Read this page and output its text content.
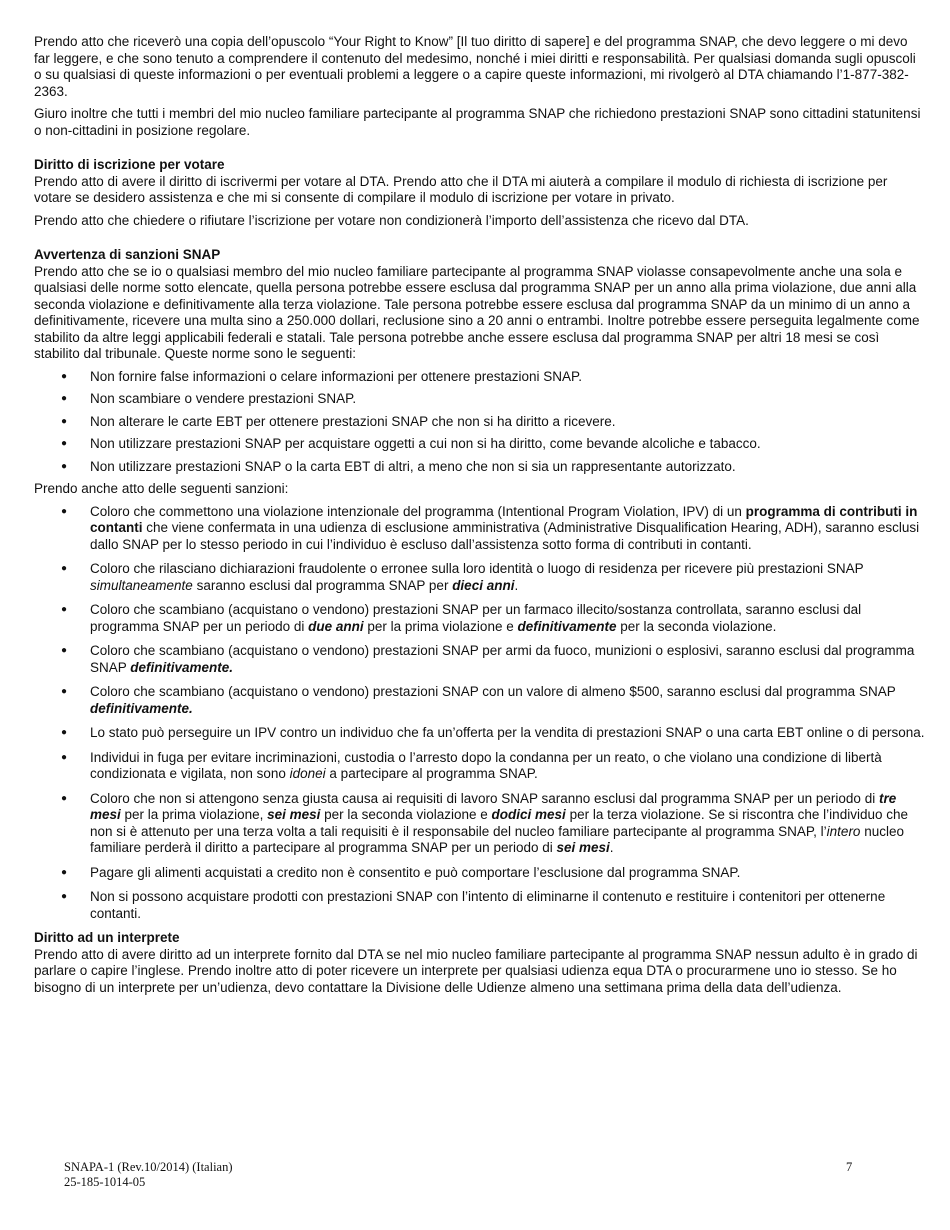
Prendo atto che riceverò una copia dell’opuscolo “Your Right to Know” [Il tuo diritto di sapere] e del programma SNAP, che devo leggere o mi devo far leggere, e che sono tenuto a comprendere il contenuto del medesimo, nonché i miei diritti e responsabilità. Per qualsiasi domanda sugli opuscoli o su qualsiasi di queste informazioni o per eventuali problemi a leggere o a capire queste informazioni, mi rivolgerò al DTA chiamando l’1-877-382-2363.

Giuro inoltre che tutti i membri del mio nucleo familiare partecipante al programma SNAP che richiedono prestazioni SNAP sono cittadini statunitensi o non-cittadini in posizione regolare.

Diritto di iscrizione per votare

Prendo atto di avere il diritto di iscrivermi per votare al DTA. Prendo atto che il DTA mi aiuterà a compilare il modulo di richiesta di iscrizione per votare se desidero assistenza e che mi si consente di compilare il modulo di iscrizione per votare in privato.

Prendo atto che chiedere o rifiutare l’iscrizione per votare non condizionerà l’importo dell’assistenza che ricevo dal DTA.

Avvertenza di sanzioni SNAP

Prendo atto che se io o qualsiasi membro del mio nucleo familiare partecipante al programma SNAP violasse consapevolmente anche una sola e qualsiasi delle norme sotto elencate, quella persona potrebbe essere esclusa dal programma SNAP per un anno alla prima violazione, due anni alla seconda violazione e definitivamente alla terza violazione. Tale persona potrebbe essere esclusa dal programma SNAP da un minimo di un anno a definitivamente, ricevere una multa sino a 250.000 dollari, reclusione sino a 20 anni o entrambi. Inoltre potrebbe essere perseguita legalmente come stabilito da altre leggi applicabili federali e statali. Tale persona potrebbe anche essere esclusa dal programma SNAP per altri 18 mesi se così stabilito dal tribunale. Queste norme sono le seguenti:

● Non fornire false informazioni o celare informazioni per ottenere prestazioni SNAP.
● Non scambiare o vendere prestazioni SNAP.
● Non alterare le carte EBT per ottenere prestazioni SNAP che non si ha diritto a ricevere.
● Non utilizzare prestazioni SNAP per acquistare oggetti a cui non si ha diritto, come bevande alcoliche e tabacco.
● Non utilizzare prestazioni SNAP o la carta EBT di altri, a meno che non si sia un rappresentante autorizzato.

Prendo anche atto delle seguenti sanzioni:

● Coloro che commettono una violazione intenzionale del programma (Intentional Program Violation, IPV) di un programma di contributi in contanti che viene confermata in una udienza di esclusione amministrativa (Administrative Disqualification Hearing, ADH), saranno esclusi dallo SNAP per lo stesso periodo in cui l’individuo è escluso dall’assistenza sotto forma di contributi in contanti.
● Coloro che rilasciano dichiarazioni fraudolente o erronee sulla loro identità o luogo di residenza per ricevere più prestazioni SNAP simultaneamente saranno esclusi dal programma SNAP per dieci anni.
● Coloro che scambiano (acquistano o vendono) prestazioni SNAP per un farmaco illecito/sostanza controllata, saranno esclusi dal programma SNAP per un periodo di due anni per la prima violazione e definitivamente per la seconda violazione.
● Coloro che scambiano (acquistano o vendono) prestazioni SNAP per armi da fuoco, munizioni o esplosivi, saranno esclusi dal programma SNAP definitivamente.
● Coloro che scambiano (acquistano o vendono) prestazioni SNAP con un valore di almeno $500, saranno esclusi dal programma SNAP definitivamente.
● Lo stato può perseguire un IPV contro un individuo che fa un’offerta per la vendita di prestazioni SNAP o una carta EBT online o di persona.
● Individui in fuga per evitare incriminazioni, custodia o l’arresto dopo la condanna per un reato, o che violano una condizione di libertà condizionata e vigilata, non sono idonei a partecipare al programma SNAP.
● Coloro che non si attengono senza giusta causa ai requisiti di lavoro SNAP saranno esclusi dal programma SNAP per un periodo di tre mesi per la prima violazione, sei mesi per la seconda violazione e dodici mesi per la terza violazione. Se si riscontra che l’individuo che non si è attenuto per una terza volta a tali requisiti è il responsabile del nucleo familiare partecipante al programma SNAP, l’intero nucleo familiare perderà il diritto a partecipare al programma SNAP per un periodo di sei mesi.
● Pagare gli alimenti acquistati a credito non è consentito e può comportare l’esclusione dal programma SNAP.
● Non si possono acquistare prodotti con prestazioni SNAP con l’intento di eliminarne il contenuto e restituire i contenitori per ottenerne contanti.
Diritto ad un interprete

Prendo atto di avere diritto ad un interprete fornito dal DTA se nel mio nucleo familiare partecipante al programma SNAP nessun adulto è in grado di parlare o capire l’inglese. Prendo inoltre atto di poter ricevere un interprete per qualsiasi udienza equa DTA o procurarmene uno io stesso. Se ho bisogno di un interprete per un’udienza, devo contattare la Divisione delle Udienze almeno una settimana prima della data dell’udienza.

SNAPA-1 (Rev.10/2014) (Italian)
25-185-1014-05
7
